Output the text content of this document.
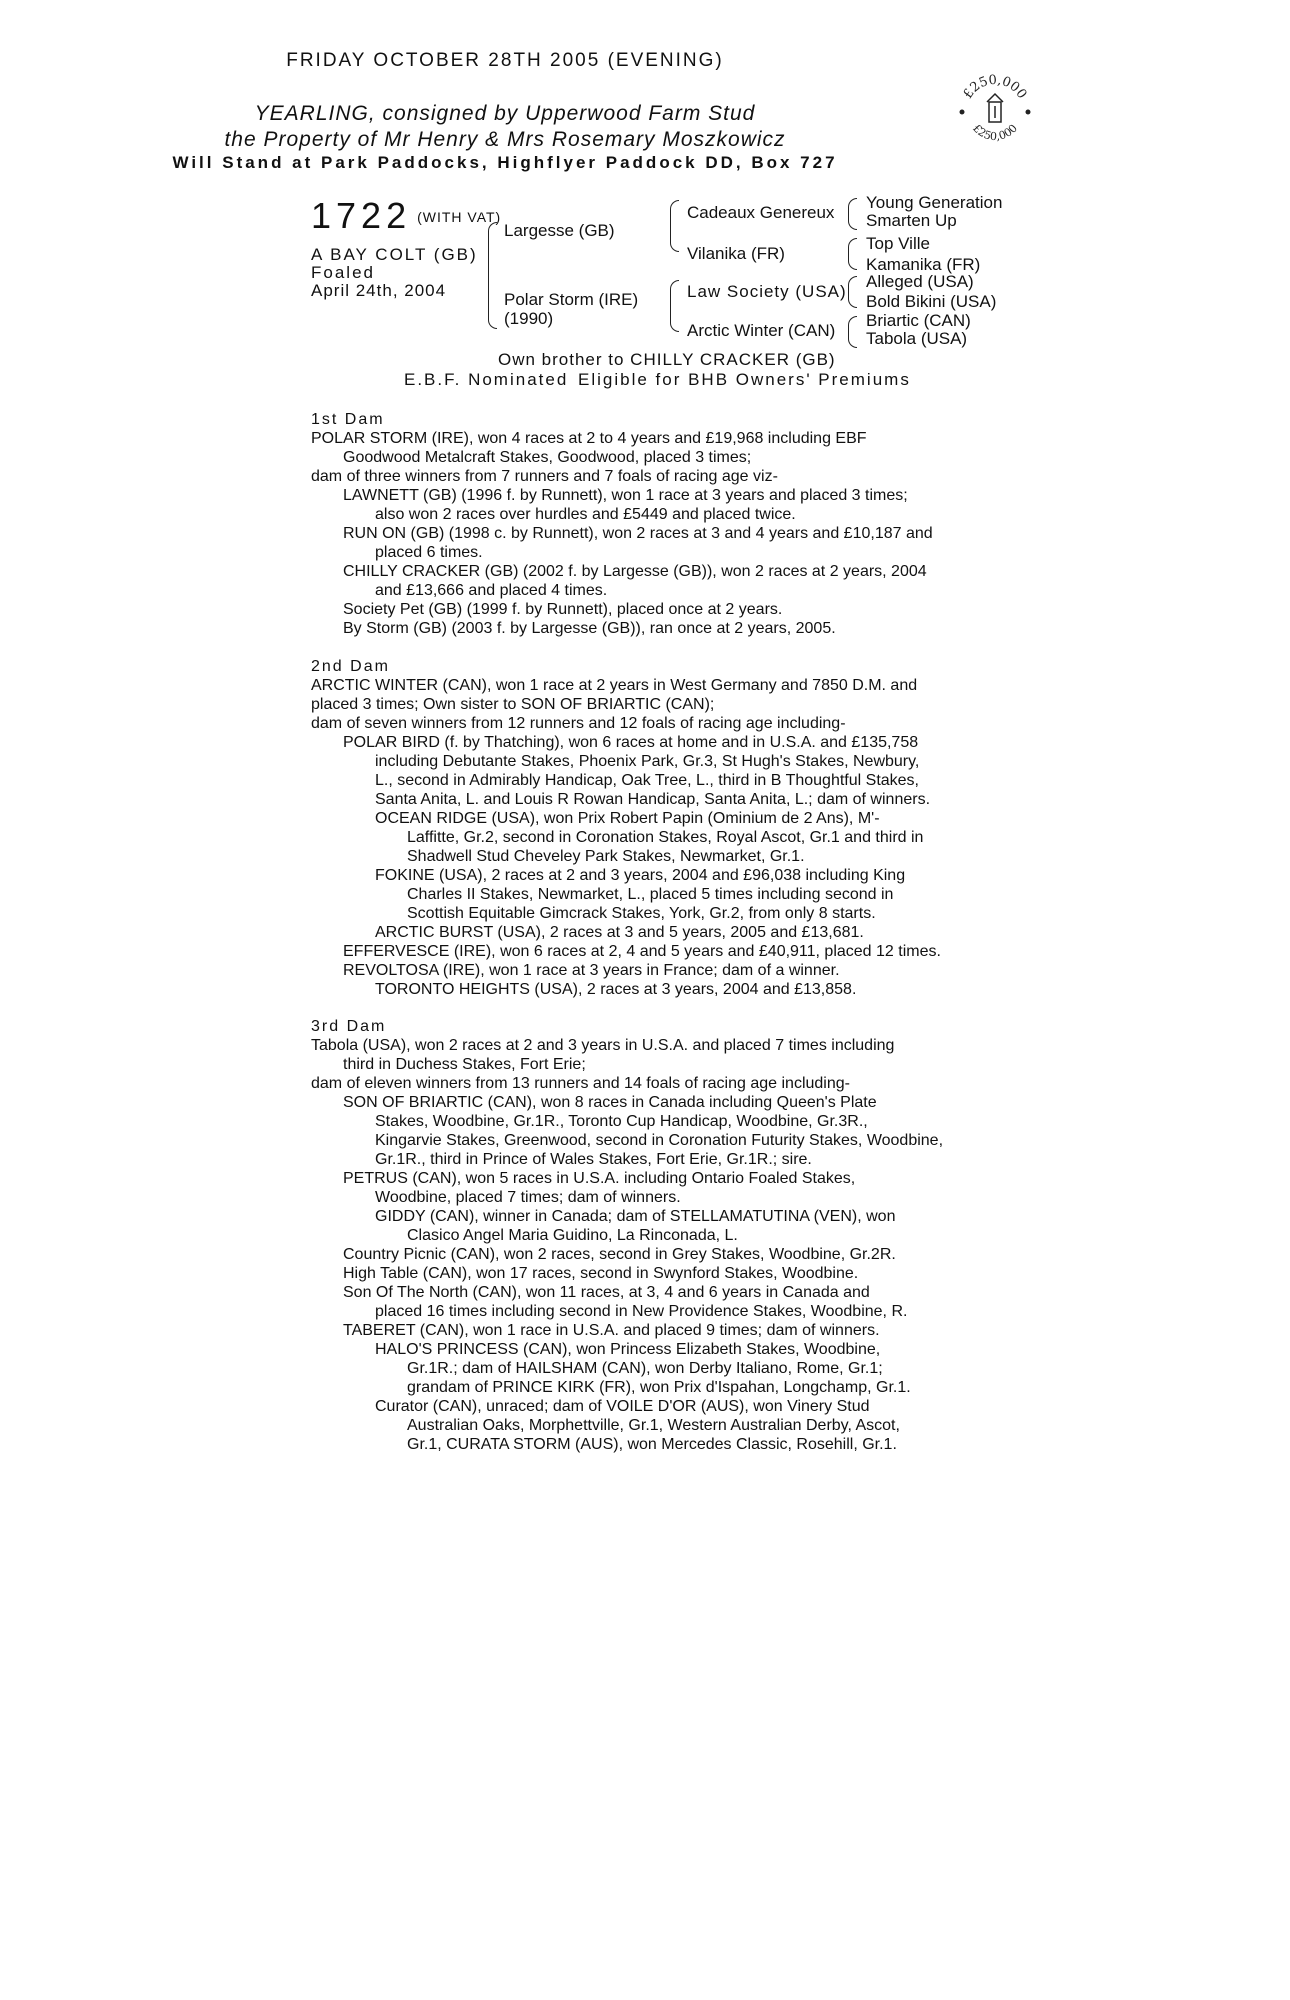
FRIDAY OCTOBER 28TH 2005 (EVENING)
YEARLING, consigned by Upperwood Farm Stud
the Property of Mr Henry & Mrs Rosemary Moszkowicz
Will Stand at Park Paddocks, Highflyer Paddock DD, Box 727
£250,000
£250,000
1722 (WITH VAT)
A BAY COLT (GB)
Foaled
April 24th, 2004
Largesse (GB)
Polar Storm (IRE)
(1990)
Cadeaux Genereux
Vilanika (FR)
Law Society (USA)
Arctic Winter (CAN)
Young Generation
Smarten Up
Top Ville
Kamanika (FR)
Alleged (USA)
Bold Bikini (USA)
Briartic (CAN)
Tabola (USA)
Own brother to CHILLY CRACKER (GB)
E.B.F. Nominated Eligible for BHB Owners' Premiums
1st Dam
POLAR STORM (IRE), won 4 races at 2 to 4 years and £19,968 including EBF
Goodwood Metalcraft Stakes, Goodwood, placed 3 times;
dam of three winners from 7 runners and 7 foals of racing age viz-
LAWNETT (GB) (1996 f. by Runnett), won 1 race at 3 years and placed 3 times;
also won 2 races over hurdles and £5449 and placed twice.
RUN ON (GB) (1998 c. by Runnett), won 2 races at 3 and 4 years and £10,187 and
placed 6 times.
CHILLY CRACKER (GB) (2002 f. by Largesse (GB)), won 2 races at 2 years, 2004
and £13,666 and placed 4 times.
Society Pet (GB) (1999 f. by Runnett), placed once at 2 years.
By Storm (GB) (2003 f. by Largesse (GB)), ran once at 2 years, 2005.
2nd Dam
ARCTIC WINTER (CAN), won 1 race at 2 years in West Germany and 7850 D.M. and
placed 3 times; Own sister to SON OF BRIARTIC (CAN);
dam of seven winners from 12 runners and 12 foals of racing age including-
POLAR BIRD (f. by Thatching), won 6 races at home and in U.S.A. and £135,758
including Debutante Stakes, Phoenix Park, Gr.3, St Hugh's Stakes, Newbury,
L., second in Admirably Handicap, Oak Tree, L., third in B Thoughtful Stakes,
Santa Anita, L. and Louis R Rowan Handicap, Santa Anita, L.; dam of winners.
OCEAN RIDGE (USA), won Prix Robert Papin (Ominium de 2 Ans), M'-
Laffitte, Gr.2, second in Coronation Stakes, Royal Ascot, Gr.1 and third in
Shadwell Stud Cheveley Park Stakes, Newmarket, Gr.1.
FOKINE (USA), 2 races at 2 and 3 years, 2004 and £96,038 including King
Charles II Stakes, Newmarket, L., placed 5 times including second in
Scottish Equitable Gimcrack Stakes, York, Gr.2, from only 8 starts.
ARCTIC BURST (USA), 2 races at 3 and 5 years, 2005 and £13,681.
EFFERVESCE (IRE), won 6 races at 2, 4 and 5 years and £40,911, placed 12 times.
REVOLTOSA (IRE), won 1 race at 3 years in France; dam of a winner.
TORONTO HEIGHTS (USA), 2 races at 3 years, 2004 and £13,858.
3rd Dam
Tabola (USA), won 2 races at 2 and 3 years in U.S.A. and placed 7 times including
third in Duchess Stakes, Fort Erie;
dam of eleven winners from 13 runners and 14 foals of racing age including-
SON OF BRIARTIC (CAN), won 8 races in Canada including Queen's Plate
Stakes, Woodbine, Gr.1R., Toronto Cup Handicap, Woodbine, Gr.3R.,
Kingarvie Stakes, Greenwood, second in Coronation Futurity Stakes, Woodbine,
Gr.1R., third in Prince of Wales Stakes, Fort Erie, Gr.1R.; sire.
PETRUS (CAN), won 5 races in U.S.A. including Ontario Foaled Stakes,
Woodbine, placed 7 times; dam of winners.
GIDDY (CAN), winner in Canada; dam of STELLAMATUTINA (VEN), won
Clasico Angel Maria Guidino, La Rinconada, L.
Country Picnic (CAN), won 2 races, second in Grey Stakes, Woodbine, Gr.2R.
High Table (CAN), won 17 races, second in Swynford Stakes, Woodbine.
Son Of The North (CAN), won 11 races, at 3, 4 and 6 years in Canada and
placed 16 times including second in New Providence Stakes, Woodbine, R.
TABERET (CAN), won 1 race in U.S.A. and placed 9 times; dam of winners.
HALO'S PRINCESS (CAN), won Princess Elizabeth Stakes, Woodbine,
Gr.1R.; dam of HAILSHAM (CAN), won Derby Italiano, Rome, Gr.1;
grandam of PRINCE KIRK (FR), won Prix d'Ispahan, Longchamp, Gr.1.
Curator (CAN), unraced; dam of VOILE D'OR (AUS), won Vinery Stud
Australian Oaks, Morphettville, Gr.1, Western Australian Derby, Ascot,
Gr.1, CURATA STORM (AUS), won Mercedes Classic, Rosehill, Gr.1.
